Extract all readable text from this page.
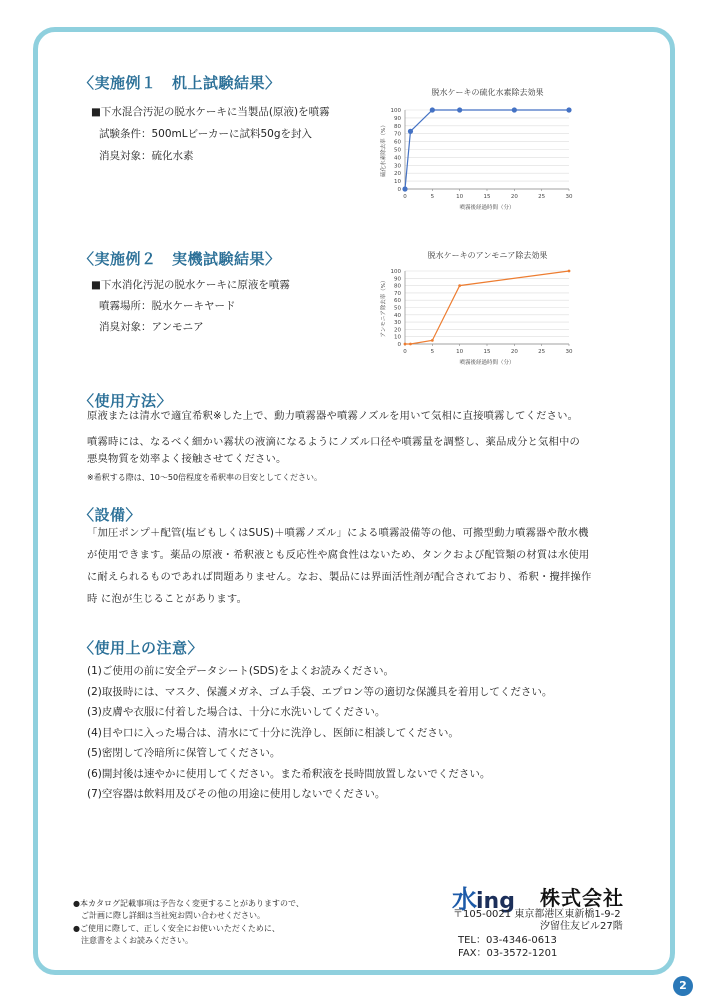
〈実施例１　机上試験結果〉
■下水混合汚泥の脱水ケーキに当製品(原液)を噴霧
試験条件：500mLビーカーに試料50gを封入
消臭対象：硫化水素
脱水ケーキの硫化水素除去効果
0
10
20
30
40
50
60
70
80
90
100
0	5	10	15	20	25	30
噴霧後経過時間（分）
硫化水素除去率（%）
〈実施例２　実機試験結果〉
■下水消化汚泥の脱水ケーキに原液を噴霧
噴霧場所：脱水ケーキヤード
消臭対象：アンモニア
脱水ケーキのアンモニア除去効果
0
10
20
30
40
50
60
70
80
90
100
0	5	10	15	20	25	30
噴霧後経過時間（分）
アンモニア除去率（%）
〈使用方法〉
原液または清水で適宜希釈※した上で、動力噴霧器や噴霧ノズルを用いて気相に直接噴霧してください。
噴霧時には、なるべく細かい霧状の液滴になるようにノズル口径や噴霧量を調整し、薬品成分と気相中の悪臭物質を効率よく接触させてください。
※希釈する際は、10～50倍程度を希釈率の目安としてください。
〈設備〉
「加圧ポンプ＋配管(塩ビもしくはSUS)＋噴霧ノズル」による噴霧設備等の他、可搬型動力噴霧器や散水機が使用できます。薬品の原液・希釈液とも反応性や腐食性はないため、タンクおよび配管類の材質は水使用に耐えられるものであれば問題ありません。なお、製品には界面活性剤が配合されており、希釈・攪拌操作時 に泡が生じることがあります。
〈使用上の注意〉
(1)ご使用の前に安全データシート(SDS)をよくお読みください。
(2)取扱時には、マスク、保護メガネ、ゴム手袋、エプロン等の適切な保護具を着用してください。
(3)皮膚や衣服に付着した場合は、十分に水洗いしてください。
(4)目や口に入った場合は、清水にて十分に洗浄し、医師に相談してください。
(5)密閉して冷暗所に保管してください。
(6)開封後は速やかに使用してください。また希釈液を長時間放置しないでください。
(7)空容器は飲料用及びその他の用途に使用しないでください。
●本カタログ記載事項は予告なく変更することがありますので、
ご計画に際し詳細は当社宛お問い合わせください。
●ご使用に際して、正しく安全にお使いいただくために、
注意書をよくお読みください。
水ing 株式会社
〒105-0021 東京都港区東新橋1-9-2
汐留住友ビル27階
TEL：03-4346-0613
FAX：03-3572-1201
2
